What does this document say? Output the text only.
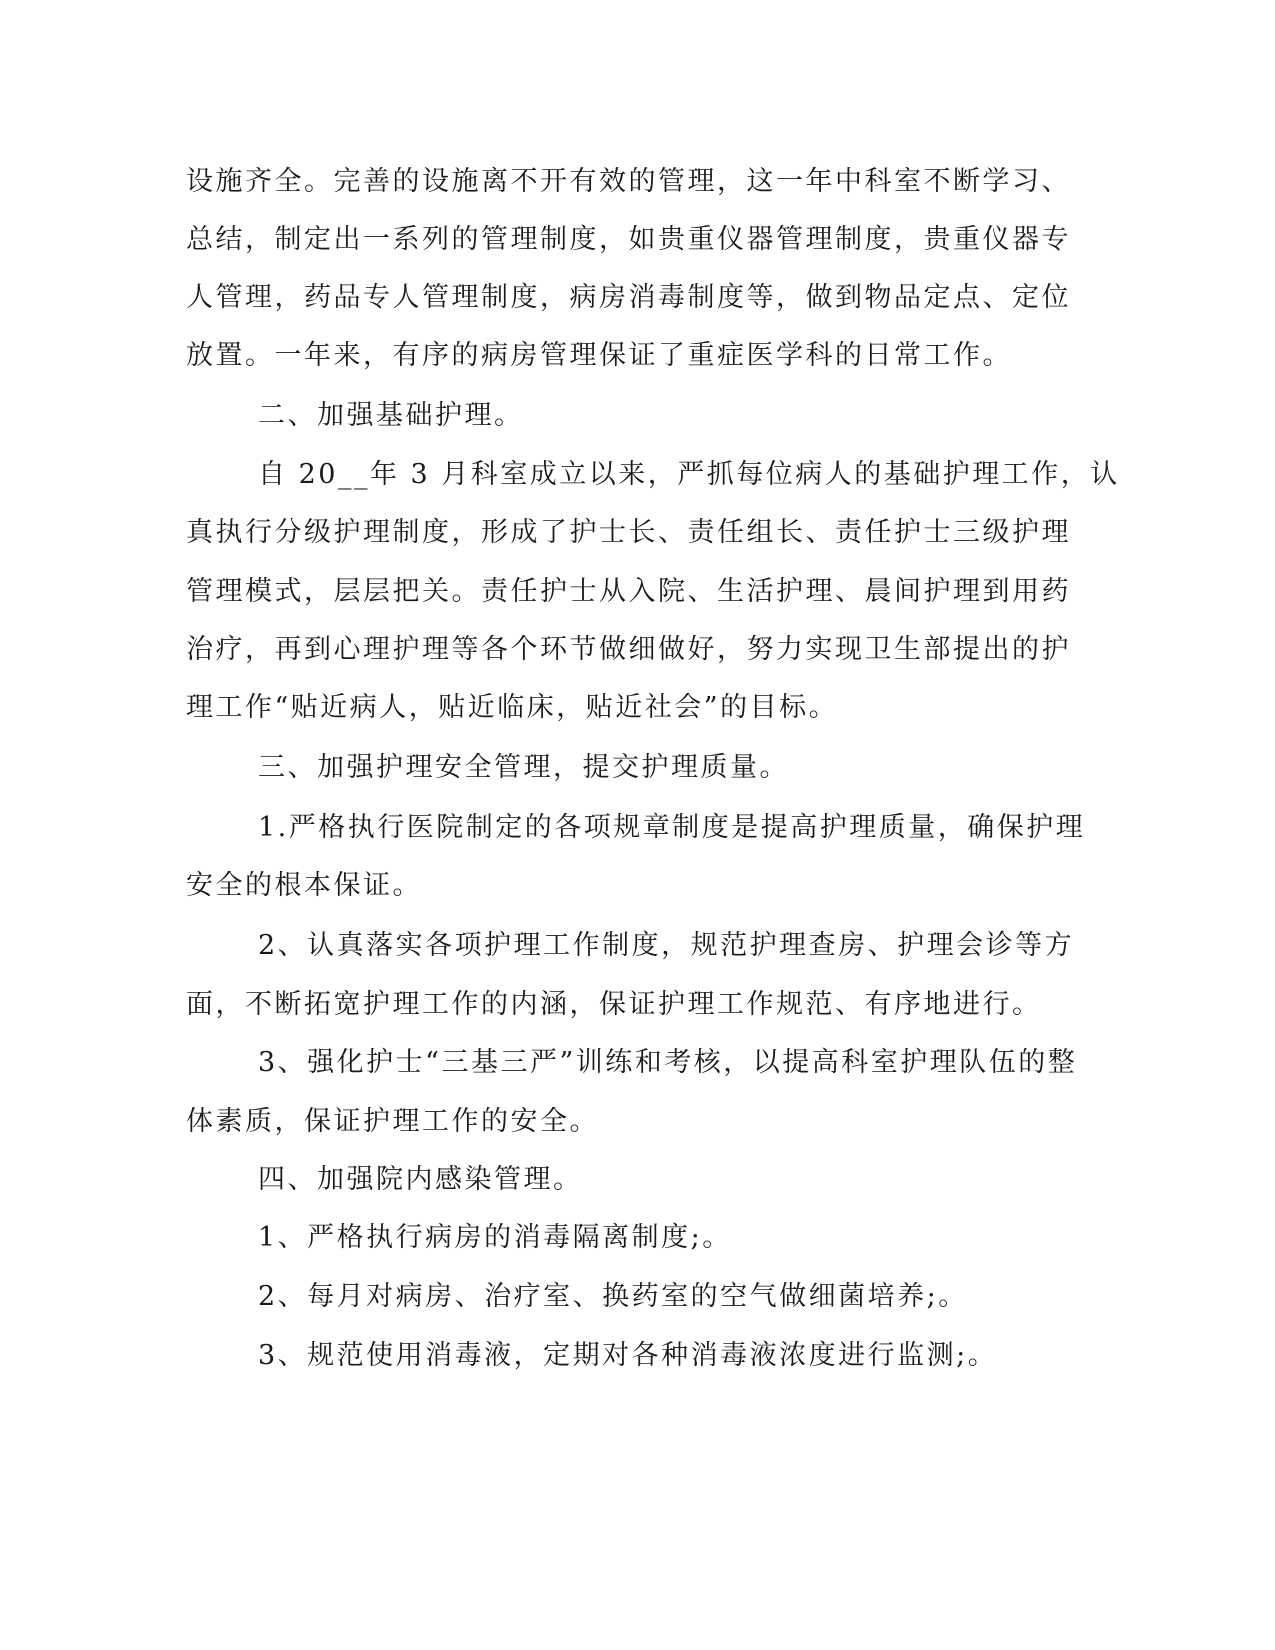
设施齐全。完善的设施离不开有效的管理，这一年中科室不断学习、
总结，制定出一系列的管理制度，如贵重仪器管理制度，贵重仪器专
人管理，药品专人管理制度，病房消毒制度等，做到物品定点、定位
放置。一年来，有序的病房管理保证了重症医学科的日常工作。
二、加强基础护理。
自 20__年 3 月科室成立以来，严抓每位病人的基础护理工作，认
真执行分级护理制度，形成了护士长、责任组长、责任护士三级护理
管理模式，层层把关。责任护士从入院、生活护理、晨间护理到用药
治疗，再到心理护理等各个环节做细做好，努力实现卫生部提出的护
理工作“贴近病人，贴近临床，贴近社会”的目标。
三、加强护理安全管理，提交护理质量。
1.严格执行医院制定的各项规章制度是提高护理质量，确保护理
安全的根本保证。
2、认真落实各项护理工作制度，规范护理查房、护理会诊等方
面，不断拓宽护理工作的内涵，保证护理工作规范、有序地进行。
3、强化护士“三基三严”训练和考核，以提高科室护理队伍的整
体素质，保证护理工作的安全。
四、加强院内感染管理。
1、严格执行病房的消毒隔离制度;。
2、每月对病房、治疗室、换药室的空气做细菌培养;。
3、规范使用消毒液，定期对各种消毒液浓度进行监测;。
